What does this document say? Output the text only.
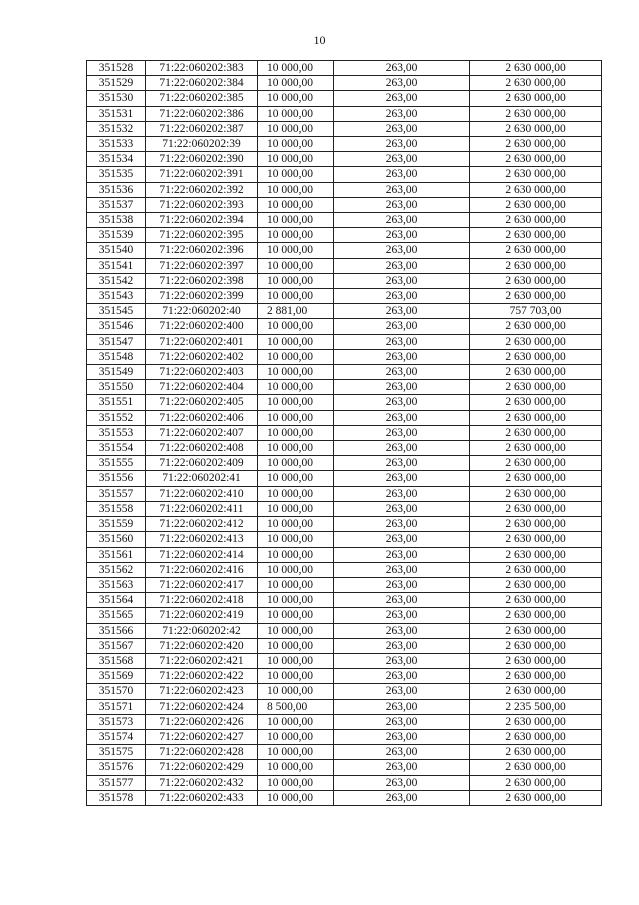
10
351528	71:22:060202:383	10 000,00	263,00	2 630 000,00
351529	71:22:060202:384	10 000,00	263,00	2 630 000,00
351530	71:22:060202:385	10 000,00	263,00	2 630 000,00
351531	71:22:060202:386	10 000,00	263,00	2 630 000,00
351532	71:22:060202:387	10 000,00	263,00	2 630 000,00
351533	71:22:060202:39	10 000,00	263,00	2 630 000,00
351534	71:22:060202:390	10 000,00	263,00	2 630 000,00
351535	71:22:060202:391	10 000,00	263,00	2 630 000,00
351536	71:22:060202:392	10 000,00	263,00	2 630 000,00
351537	71:22:060202:393	10 000,00	263,00	2 630 000,00
351538	71:22:060202:394	10 000,00	263,00	2 630 000,00
351539	71:22:060202:395	10 000,00	263,00	2 630 000,00
351540	71:22:060202:396	10 000,00	263,00	2 630 000,00
351541	71:22:060202:397	10 000,00	263,00	2 630 000,00
351542	71:22:060202:398	10 000,00	263,00	2 630 000,00
351543	71:22:060202:399	10 000,00	263,00	2 630 000,00
351545	71:22:060202:40	2 881,00	263,00	757 703,00
351546	71:22:060202:400	10 000,00	263,00	2 630 000,00
351547	71:22:060202:401	10 000,00	263,00	2 630 000,00
351548	71:22:060202:402	10 000,00	263,00	2 630 000,00
351549	71:22:060202:403	10 000,00	263,00	2 630 000,00
351550	71:22:060202:404	10 000,00	263,00	2 630 000,00
351551	71:22:060202:405	10 000,00	263,00	2 630 000,00
351552	71:22:060202:406	10 000,00	263,00	2 630 000,00
351553	71:22:060202:407	10 000,00	263,00	2 630 000,00
351554	71:22:060202:408	10 000,00	263,00	2 630 000,00
351555	71:22:060202:409	10 000,00	263,00	2 630 000,00
351556	71:22:060202:41	10 000,00	263,00	2 630 000,00
351557	71:22:060202:410	10 000,00	263,00	2 630 000,00
351558	71:22:060202:411	10 000,00	263,00	2 630 000,00
351559	71:22:060202:412	10 000,00	263,00	2 630 000,00
351560	71:22:060202:413	10 000,00	263,00	2 630 000,00
351561	71:22:060202:414	10 000,00	263,00	2 630 000,00
351562	71:22:060202:416	10 000,00	263,00	2 630 000,00
351563	71:22:060202:417	10 000,00	263,00	2 630 000,00
351564	71:22:060202:418	10 000,00	263,00	2 630 000,00
351565	71:22:060202:419	10 000,00	263,00	2 630 000,00
351566	71:22:060202:42	10 000,00	263,00	2 630 000,00
351567	71:22:060202:420	10 000,00	263,00	2 630 000,00
351568	71:22:060202:421	10 000,00	263,00	2 630 000,00
351569	71:22:060202:422	10 000,00	263,00	2 630 000,00
351570	71:22:060202:423	10 000,00	263,00	2 630 000,00
351571	71:22:060202:424	8 500,00	263,00	2 235 500,00
351573	71:22:060202:426	10 000,00	263,00	2 630 000,00
351574	71:22:060202:427	10 000,00	263,00	2 630 000,00
351575	71:22:060202:428	10 000,00	263,00	2 630 000,00
351576	71:22:060202:429	10 000,00	263,00	2 630 000,00
351577	71:22:060202:432	10 000,00	263,00	2 630 000,00
351578	71:22:060202:433	10 000,00	263,00	2 630 000,00
